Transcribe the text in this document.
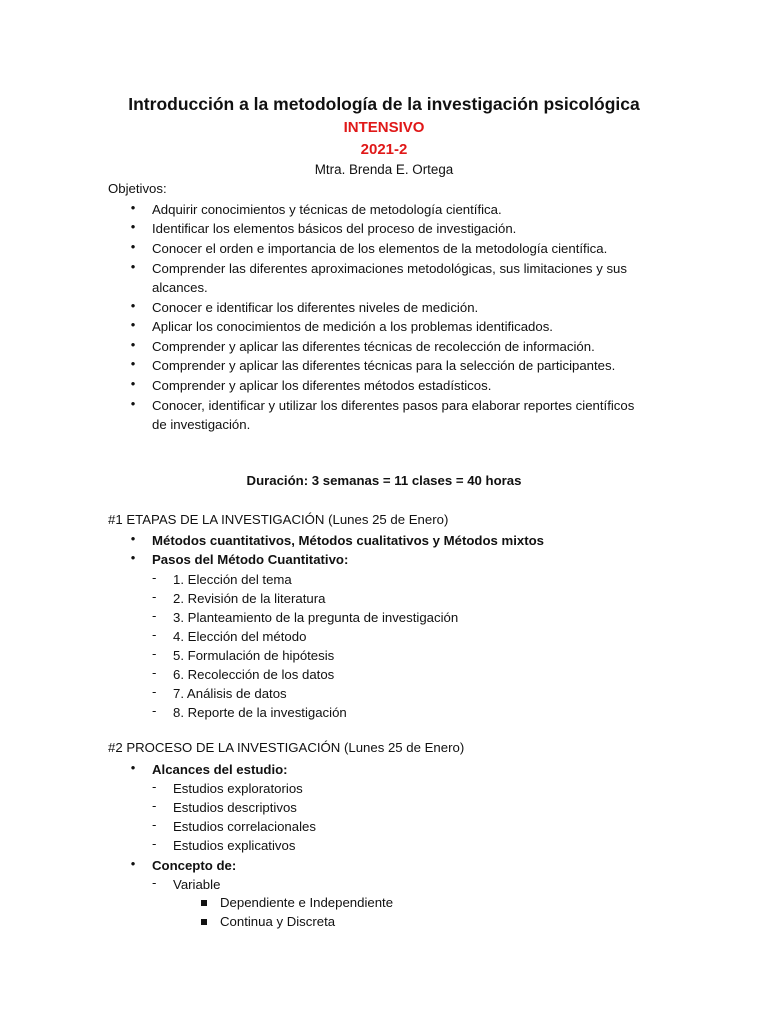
Introducción a la metodología de la investigación psicológica
INTENSIVO
2021-2
Mtra. Brenda E. Ortega
Objetivos:
• Adquirir conocimientos y técnicas de metodología científica.
• Identificar los elementos básicos del proceso de investigación.
• Conocer el orden e importancia de los elementos de la metodología científica.
• Comprender las diferentes aproximaciones metodológicas, sus limitaciones y sus
alcances.
• Conocer e identificar los diferentes niveles de medición.
• Aplicar los conocimientos de medición a los problemas identificados.
• Comprender y aplicar las diferentes técnicas de recolección de información.
• Comprender y aplicar las diferentes técnicas para la selección de participantes.
• Comprender y aplicar los diferentes métodos estadísticos.
• Conocer, identificar y utilizar los diferentes pasos para elaborar reportes científicos
de investigación.
Duración: 3 semanas = 11 clases = 40 horas
#1 ETAPAS DE LA INVESTIGACIÓN (Lunes 25 de Enero)
• Métodos cuantitativos, Métodos cualitativos y Métodos mixtos
• Pasos del Método Cuantitativo:
- 1. Elección del tema
- 2. Revisión de la literatura
- 3. Planteamiento de la pregunta de investigación
- 4. Elección del método
- 5. Formulación de hipótesis
- 6. Recolección de los datos
- 7. Análisis de datos
- 8. Reporte de la investigación
#2 PROCESO DE LA INVESTIGACIÓN (Lunes 25 de Enero)
• Alcances del estudio:
- Estudios exploratorios
- Estudios descriptivos
- Estudios correlacionales
- Estudios explicativos
• Concepto de:
- Variable
Dependiente e Independiente
Continua y Discreta
